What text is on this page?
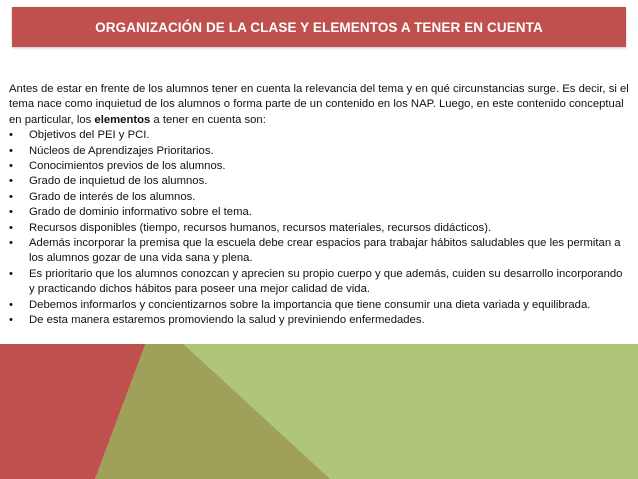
ORGANIZACIÓN DE LA CLASE Y ELEMENTOS A TENER EN CUENTA

Antes de estar en frente de los alumnos tener en cuenta la relevancia del tema y en qué circunstancias surge. Es decir, si el tema nace como inquietud de los alumnos o forma parte de un contenido en los NAP. Luego, en este contenido conceptual en particular, los elementos a tener en cuenta son:

• Objetivos del PEI y PCI.
• Núcleos de Aprendizajes Prioritarios.
• Conocimientos previos de los alumnos.
• Grado de inquietud de los alumnos.
• Grado de interés de los alumnos.
• Grado de dominio informativo sobre el tema.
• Recursos disponibles (tiempo, recursos humanos, recursos materiales, recursos didácticos).
• Además incorporar la premisa que la escuela debe crear espacios para trabajar hábitos saludables que les permitan a los alumnos gozar de una vida sana y plena.
• Es prioritario que los alumnos conozcan y aprecien su propio cuerpo y que además, cuiden su desarrollo incorporando y practicando dichos hábitos para poseer una mejor calidad de vida.
• Debemos informarlos y concientizarnos sobre la importancia que tiene consumir una dieta variada y equilibrada.
• De esta manera estaremos promoviendo la salud y previniendo enfermedades.
